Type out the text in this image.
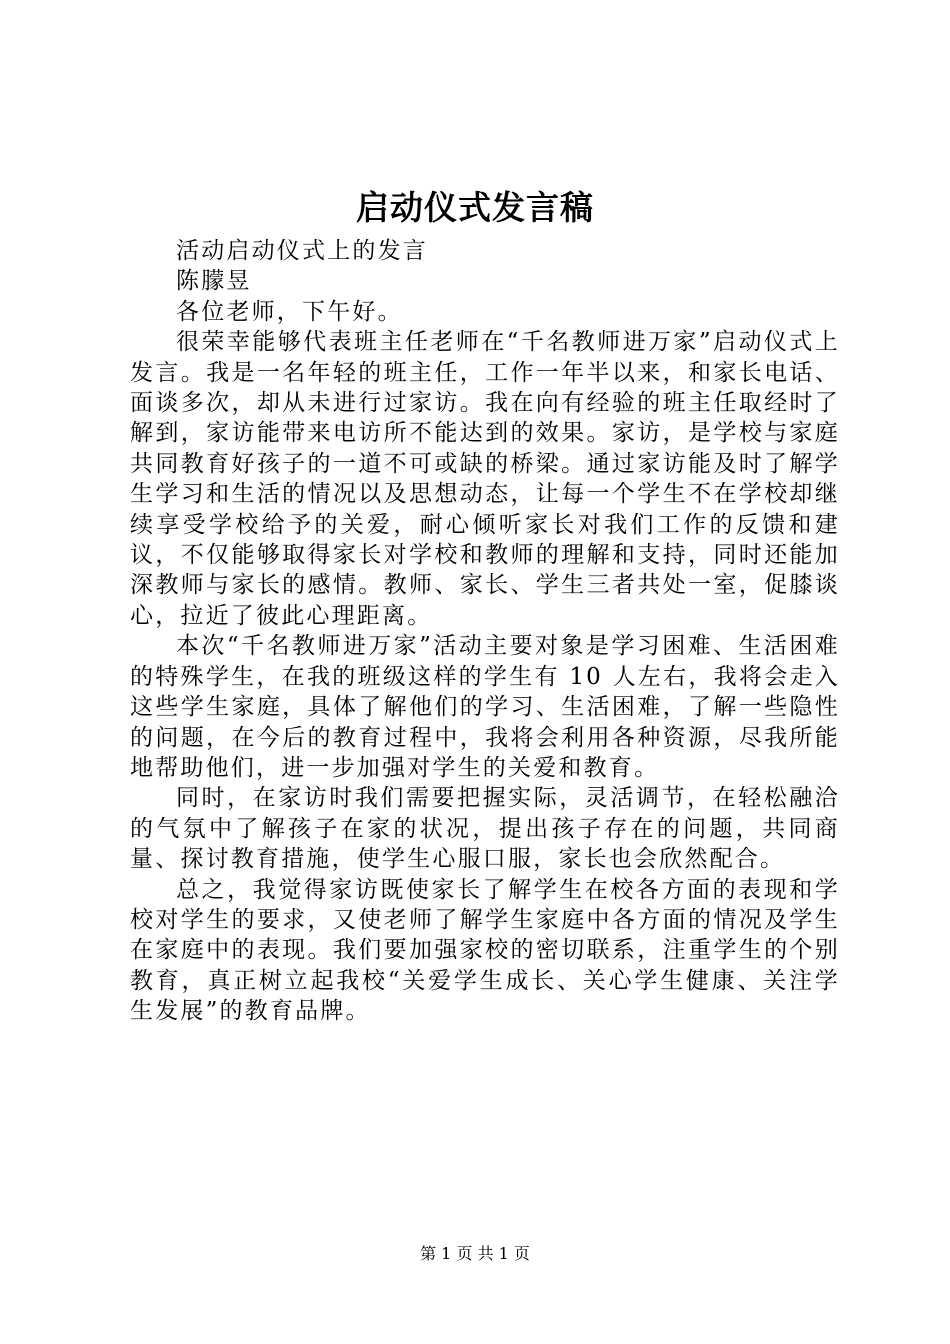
启动仪式发言稿

活动启动仪式上的发言

陈朦昱

各位老师，下午好。

很荣幸能够代表班主任老师在“千名教师进万家”启动仪式上发言。我是一名年轻的班主任，工作一年半以来，和家长电话、面谈多次，却从未进行过家访。我在向有经验的班主任取经时了解到，家访能带来电访所不能达到的效果。家访，是学校与家庭共同教育好孩子的一道不可或缺的桥梁。通过家访能及时了解学生学习和生活的情况以及思想动态，让每一个学生不在学校却继续享受学校给予的关爱，耐心倾听家长对我们工作的反馈和建议，不仅能够取得家长对学校和教师的理解和支持，同时还能加深教师与家长的感情。教师、家长、学生三者共处一室，促膝谈心，拉近了彼此心理距离。

本次“千名教师进万家”活动主要对象是学习困难、生活困难的特殊学生，在我的班级这样的学生有 10 人左右，我将会走入这些学生家庭，具体了解他们的学习、生活困难，了解一些隐性的问题，在今后的教育过程中，我将会利用各种资源，尽我所能地帮助他们，进一步加强对学生的关爱和教育。

同时，在家访时我们需要把握实际，灵活调节，在轻松融洽的气氛中了解孩子在家的状况，提出孩子存在的问题，共同商量、探讨教育措施，使学生心服口服，家长也会欣然配合。

总之，我觉得家访既使家长了解学生在校各方面的表现和学校对学生的要求，又使老师了解学生家庭中各方面的情况及学生在家庭中的表现。我们要加强家校的密切联系，注重学生的个别教育，真正树立起我校“关爱学生成长、关心学生健康、关注学生发展”的教育品牌。

第 1 页 共 1 页
